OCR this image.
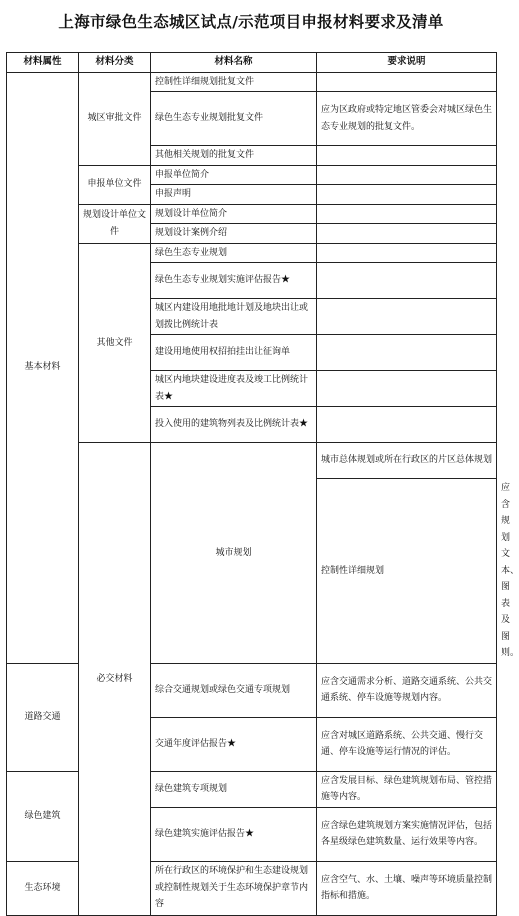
上海市绿色生态城区试点/示范项目申报材料要求及清单
材料属性	材料分类	材料名称	要求说明	
基本材料	城区审批文件	控制性详细规划批复文件		
		绿色生态专业规划批复文件	应为区政府或特定地区管委会对城区绿色生态专业规划的批复文件。	
		其他相关规划的批复文件		
	申报单位文件	申报单位简介		
		申报声明		
	规划设计单位文件	规划设计单位简介		
		规划设计案例介绍		
	其他文件	绿色生态专业规划		
		绿色生态专业规划实施评估报告★		
		城区内建设用地批地计划及地块出让或划拨比例统计表		
		建设用地使用权招拍挂出让征询单		
		城区内地块建设进度表及竣工比例统计表★		
		投入使用的建筑物列表及比例统计表★		
	必交材料	城市规划	城市总体规划或所在行政区的片区总体规划	
			控制性详细规划	应含规划文本、图表及图则。
道路交通		综合交通规划或绿色交通专项规划	应含交通需求分析、道路交通系统、公共交通系统、停车设施等规划内容。	
		交通年度评估报告★	应含对城区道路系统、公共交通、慢行交通、停车设施等运行情况的评估。	
绿色建筑		绿色建筑专项规划	应含发展目标、绿色建筑规划布局、管控措施等内容。	
		绿色建筑实施评估报告★	应含绿色建筑规划方案实施情况评估，包括各星级绿色建筑数量、运行效果等内容。	
生态环境		所在行政区的环境保护和生态建设规划或控制性规划关于生态环境保护章节内容	应含空气、水、土壤、噪声等环境质量控制指标和措施。	
